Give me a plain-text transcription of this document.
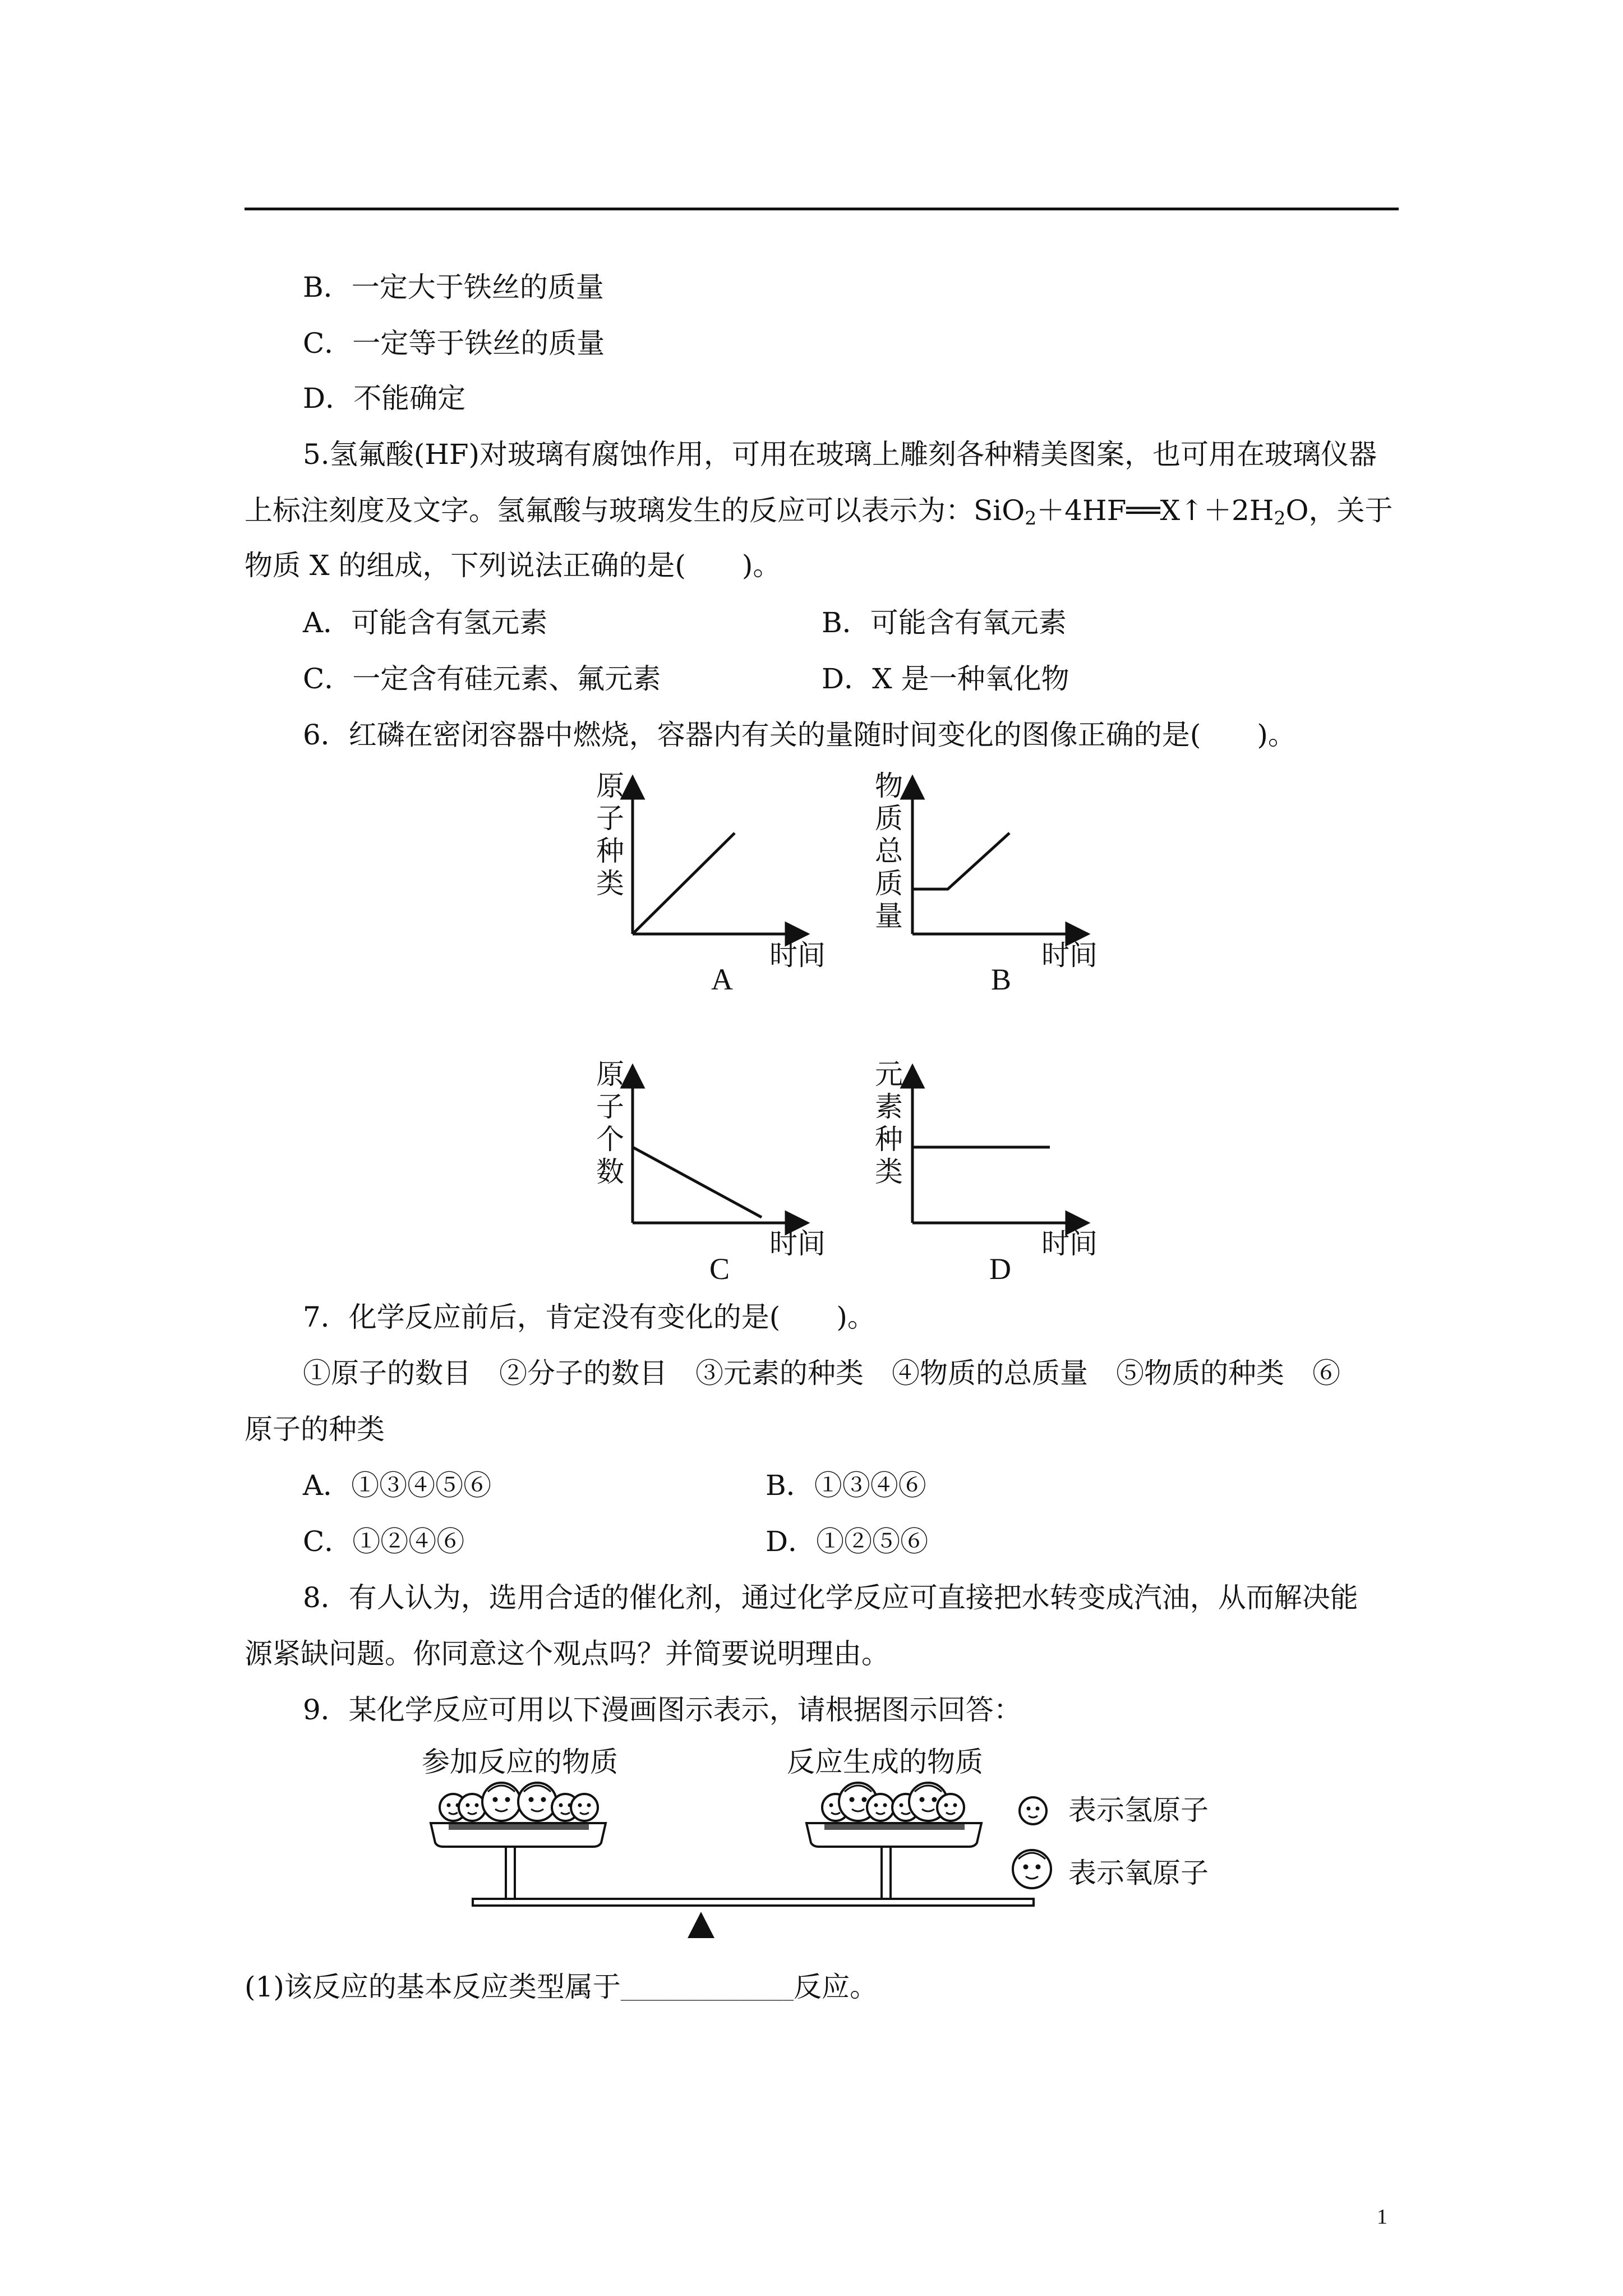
B．一定大于铁丝的质量
C．一定等于铁丝的质量
D．不能确定
5.氢氟酸(HF)对玻璃有腐蚀作用，可用在玻璃上雕刻各种精美图案，也可用在玻璃仪器
上标注刻度及文字。氢氟酸与玻璃发生的反应可以表示为：$SiO_2+4HF══X↑+2H_2O$，关于
物质 X 的组成，下列说法正确的是(　　)。
A．可能含有氢元素	B．可能含有氧元素
C．一定含有硅元素、氟元素	D．X 是一种氧化物
6．红磷在密闭容器中燃烧，容器内有关的量随时间变化的图像正确的是(　　)。
原子种类
时间
A
物质总质量
时间
B
原子个数
时间
C
元素种类
时间
D
7．化学反应前后，肯定没有变化的是(　　)。
①原子的数目　②分子的数目　③元素的种类　④物质的总质量　⑤物质的种类　⑥
原子的种类
A．①③④⑤⑥	B．①③④⑥
C．①②④⑥	D．①②⑤⑥
8．有人认为，选用合适的催化剂，通过化学反应可直接把水转变成汽油，从而解决能
源紧缺问题。你同意这个观点吗？并简要说明理由。
9．某化学反应可用以下漫画图示表示，请根据图示回答：
参加反应的物质	反应生成的物质
表示氢原子
表示氧原子
(1)该反应的基本反应类型属于________________反应。
1
